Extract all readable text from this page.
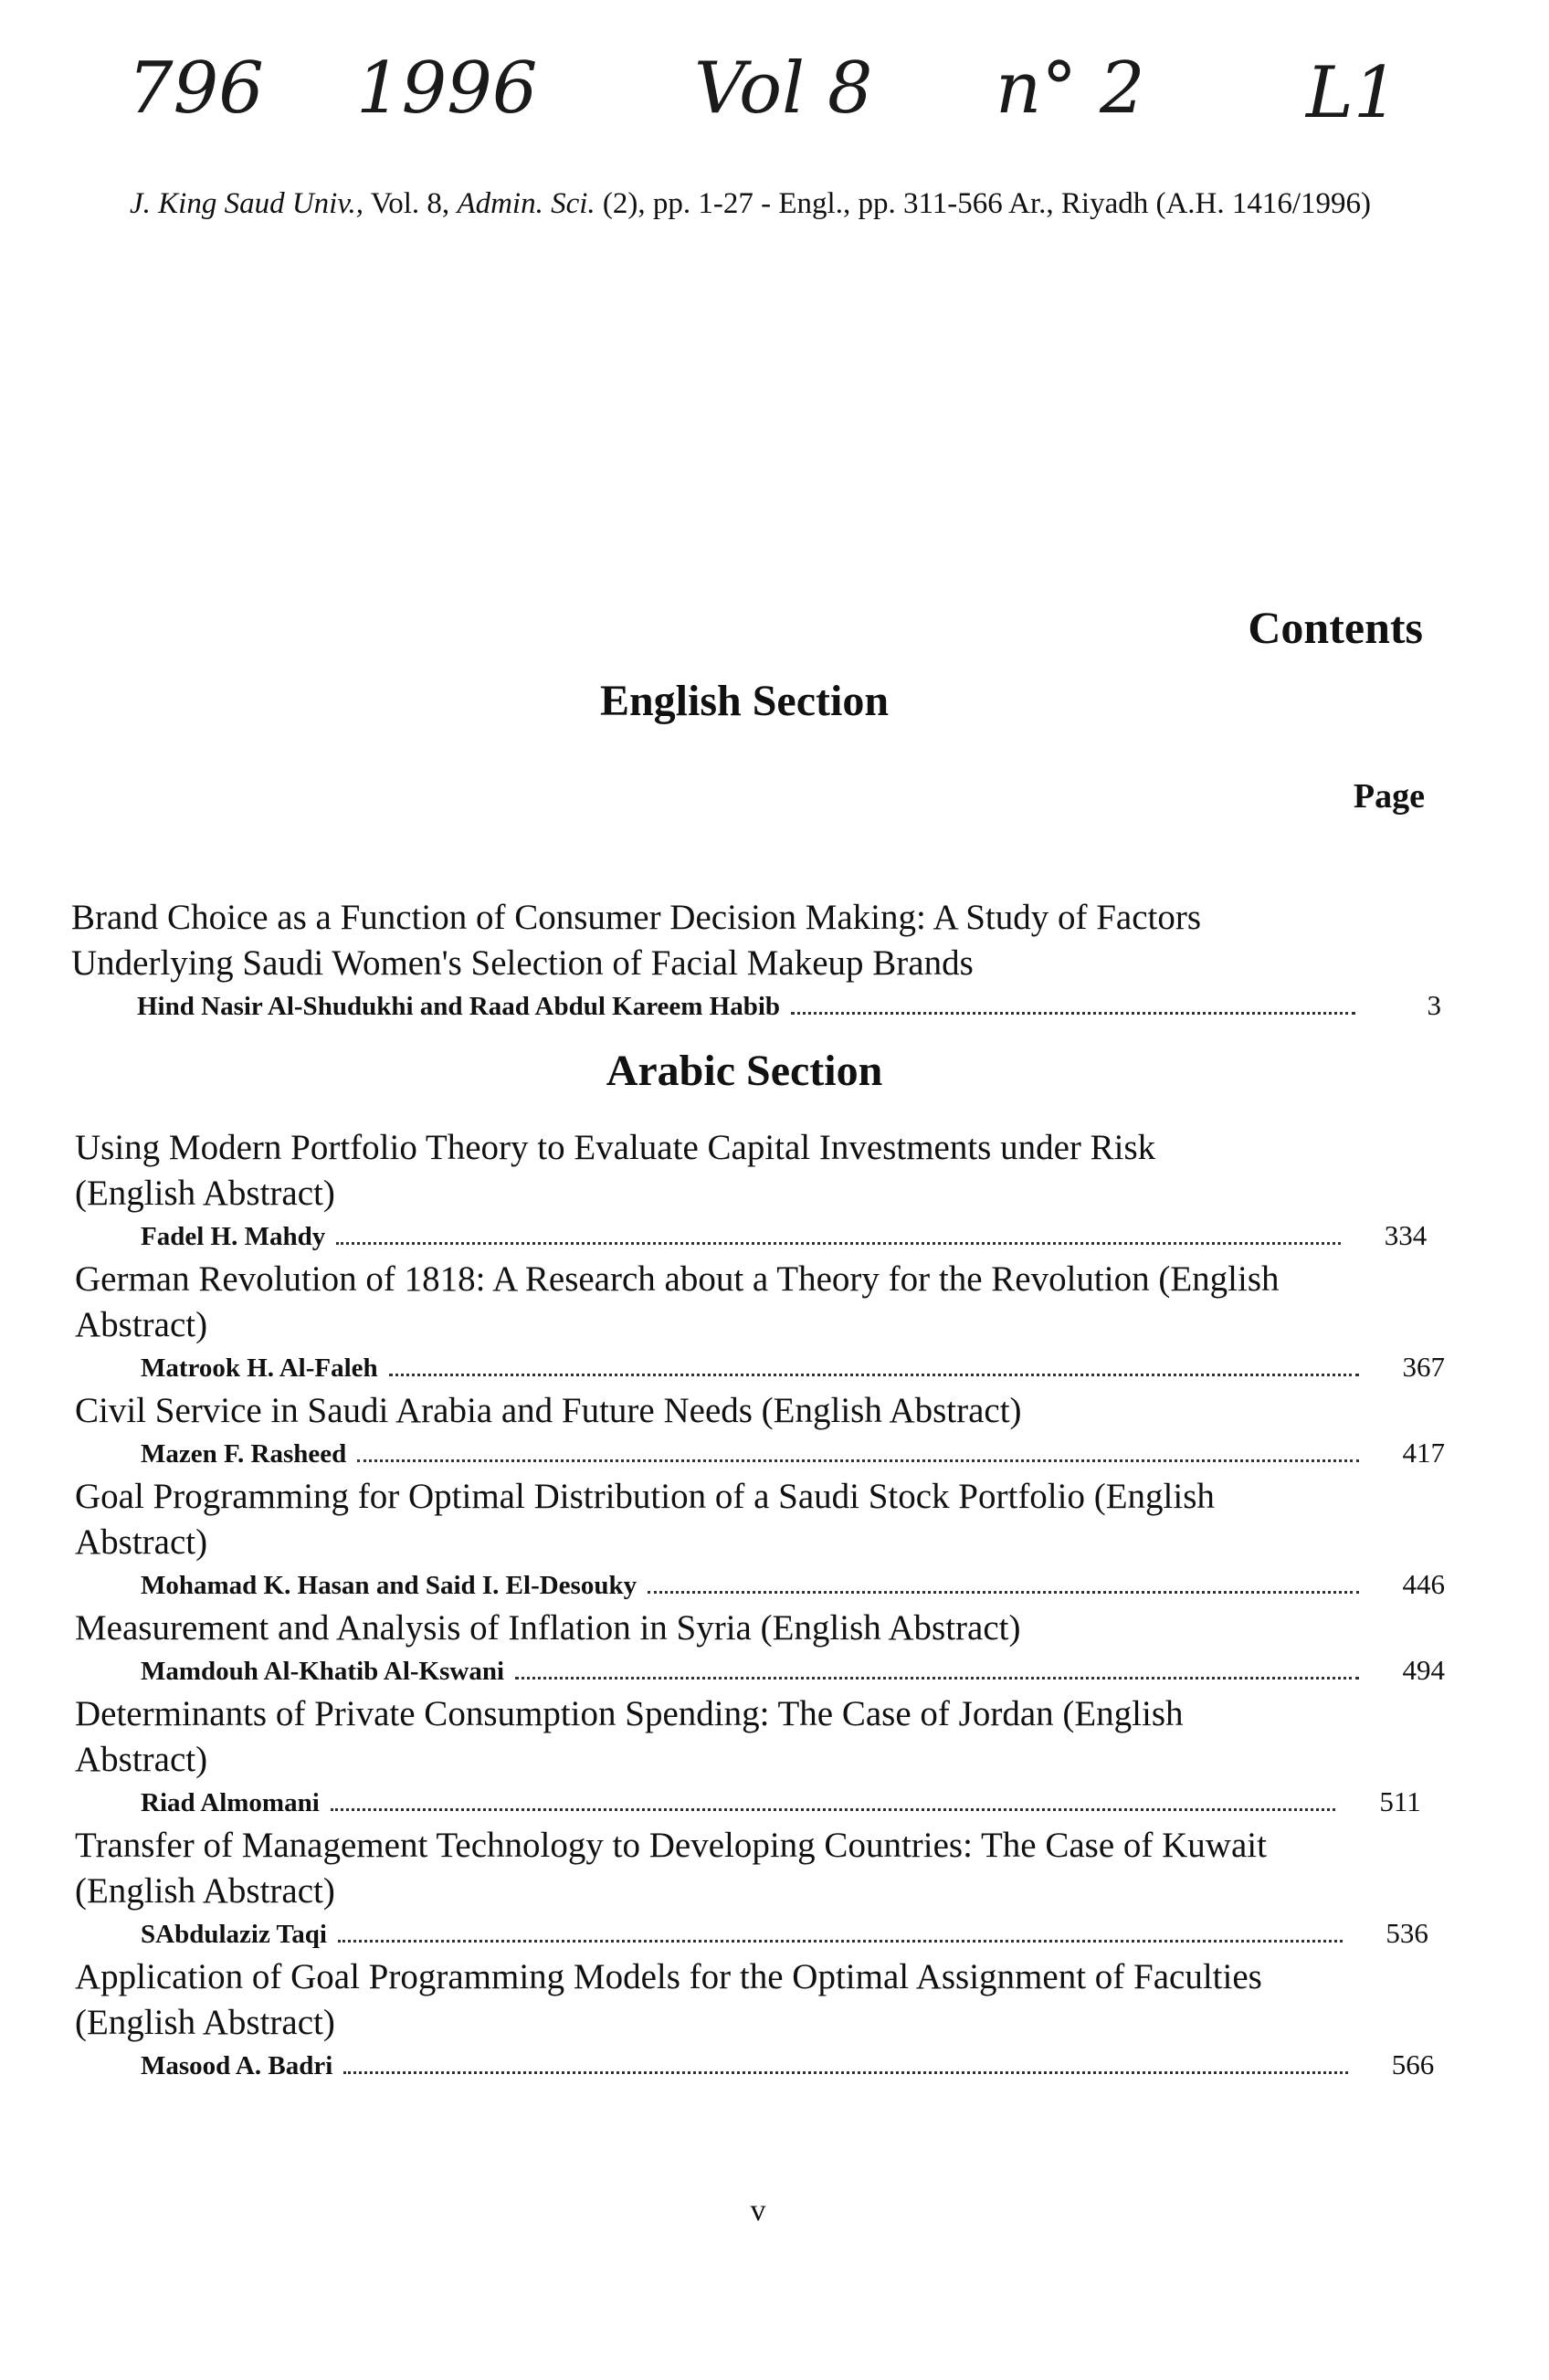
796 1996 Vol 8 n° 2 L1
J. King Saud Univ., Vol. 8, Admin. Sci. (2), pp. 1-27 - Engl., pp. 311-566 Ar., Riyadh (A.H. 1416/1996)
Contents
English Section
Page
Brand Choice as a Function of Consumer Decision Making: A Study of Factors Underlying Saudi Women's Selection of Facial Makeup Brands
Hind Nasir Al-Shudukhi and Raad Abdul Kareem Habib	3
Arabic Section
Using Modern Portfolio Theory to Evaluate Capital Investments under Risk (English Abstract)
Fadel H. Mahdy	334
German Revolution of 1818: A Research about a Theory for the Revolution (English Abstract)
Matrook H. Al-Faleh	367
Civil Service in Saudi Arabia and Future Needs (English Abstract)
Mazen F. Rasheed	417
Goal Programming for Optimal Distribution of a Saudi Stock Portfolio (English Abstract)
Mohamad K. Hasan and Said I. El-Desouky	446
Measurement and Analysis of Inflation in Syria (English Abstract)
Mamdouh Al-Khatib Al-Kswani	494
Determinants of Private Consumption Spending: The Case of Jordan (English Abstract)
Riad Almomani	511
Transfer of Management Technology to Developing Countries: The Case of Kuwait (English Abstract)
SAbdulaziz Taqi	536
Application of Goal Programming Models for the Optimal Assignment of Faculties (English Abstract)
Masood A. Badri	566
v
